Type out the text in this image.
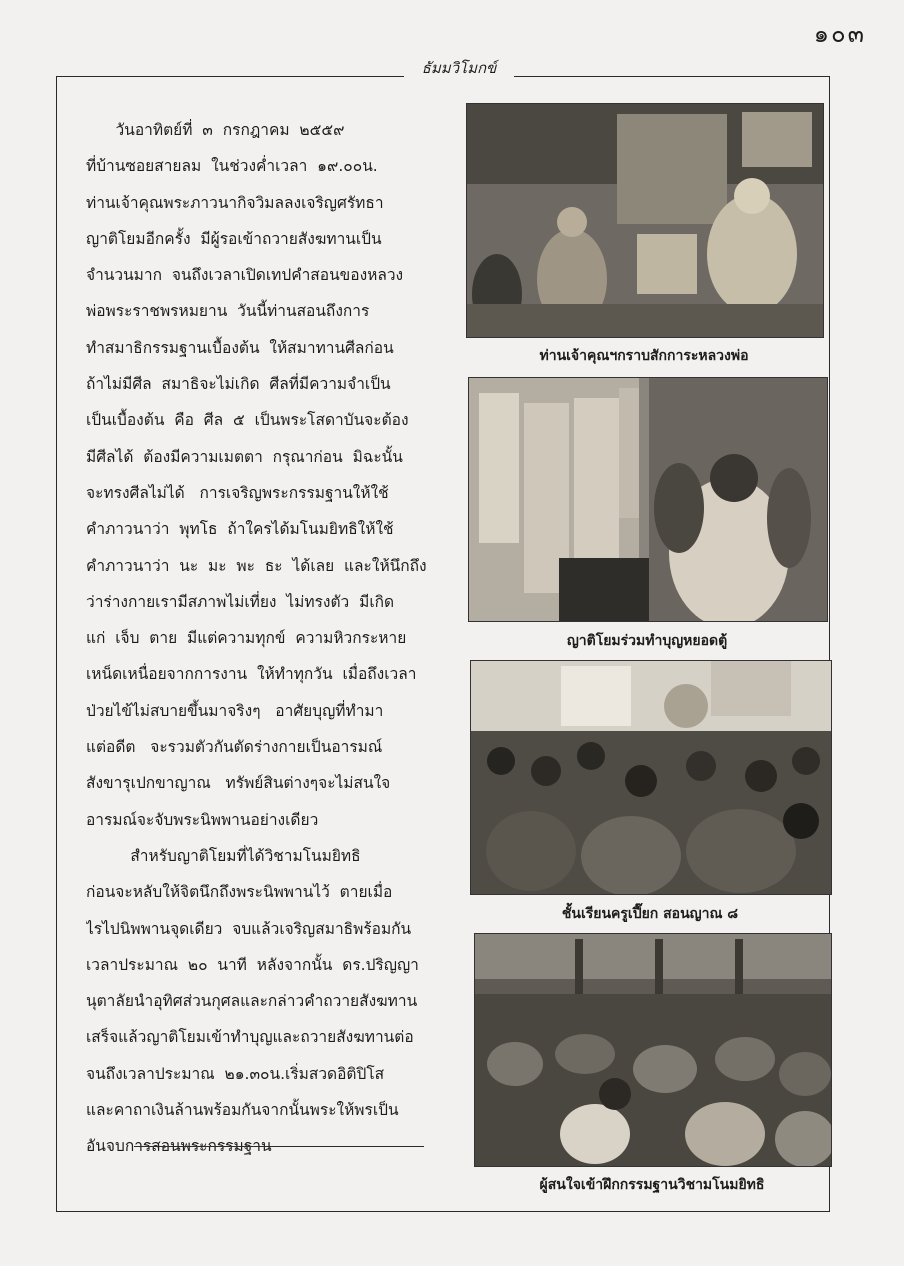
๑๐๓
ธัมมวิโมกข์

วันอาทิตย์ที่  ๓  กรกฎาคม  ๒๕๕๙
ที่บ้านซอยสายลม  ในช่วงค่ำเวลา  ๑๙.๐๐น.
ท่านเจ้าคุณพระภาวนากิจวิมลลงเจริญศรัทธา
ญาติโยมอีกครั้ง  มีผู้รอเข้าถวายสังฆทานเป็น
จำนวนมาก  จนถึงเวลาเปิดเทปคำสอนของหลวง
พ่อพระราชพรหมยาน  วันนี้ท่านสอนถึงการ
ทำสมาธิกรรมฐานเบื้องต้น  ให้สมาทานศีลก่อน
ถ้าไม่มีศีล  สมาธิจะไม่เกิด  ศีลที่มีความจำเป็น
เป็นเบื้องต้น  คือ  ศีล  ๕  เป็นพระโสดาบันจะต้อง
มีศีลได้  ต้องมีความเมตตา  กรุณาก่อน  มิฉะนั้น
จะทรงศีลไม่ได้   การเจริญพระกรรมฐานให้ใช้
คำภาวนาว่า  พุทโธ  ถ้าใครได้มโนมยิทธิให้ใช้
คำภาวนาว่า  นะ  มะ  พะ  ธะ  ได้เลย  และให้นึกถึง
ว่าร่างกายเรามีสภาพไม่เที่ยง  ไม่ทรงตัว  มีเกิด
แก่  เจ็บ  ตาย  มีแต่ความทุกข์  ความหิวกระหาย
เหน็ดเหนื่อยจากการงาน  ให้ทำทุกวัน  เมื่อถึงเวลา
ป่วยไข้ไม่สบายขึ้นมาจริงๆ   อาศัยบุญที่ทำมา
แต่อดีต   จะรวมตัวกันตัดร่างกายเป็นอารมณ์
สังขารุเปกขาญาณ   ทรัพย์สินต่างๆจะไม่สนใจ
อารมณ์จะจับพระนิพพานอย่างเดียว
สำหรับญาติโยมที่ได้วิชามโนมยิทธิ
ก่อนจะหลับให้จิตนึกถึงพระนิพพานไว้  ตายเมื่อ
ไรไปนิพพานจุดเดียว  จบแล้วเจริญสมาธิพร้อมกัน
เวลาประมาณ  ๒๐  นาที  หลังจากนั้น  ดร.ปริญญา
นุตาลัยนำอุทิศส่วนกุศลและกล่าวคำถวายสังฆทาน
เสร็จแล้วญาติโยมเข้าทำบุญและถวายสังฆทานต่อ
จนถึงเวลาประมาณ  ๒๑.๓๐น.เริ่มสวดอิติปิโส
และคาถาเงินล้านพร้อมกันจากนั้นพระให้พรเป็น
อันจบการสอนพระกรรมฐาน

ท่านเจ้าคุณฯกราบสักการะหลวงพ่อ
ญาติโยมร่วมทำบุญหยอดตู้
ชั้นเรียนครูเปี๊ยก สอนญาณ ๘
ผู้สนใจเข้าฝึกกรรมฐานวิชามโนมยิทธิ
